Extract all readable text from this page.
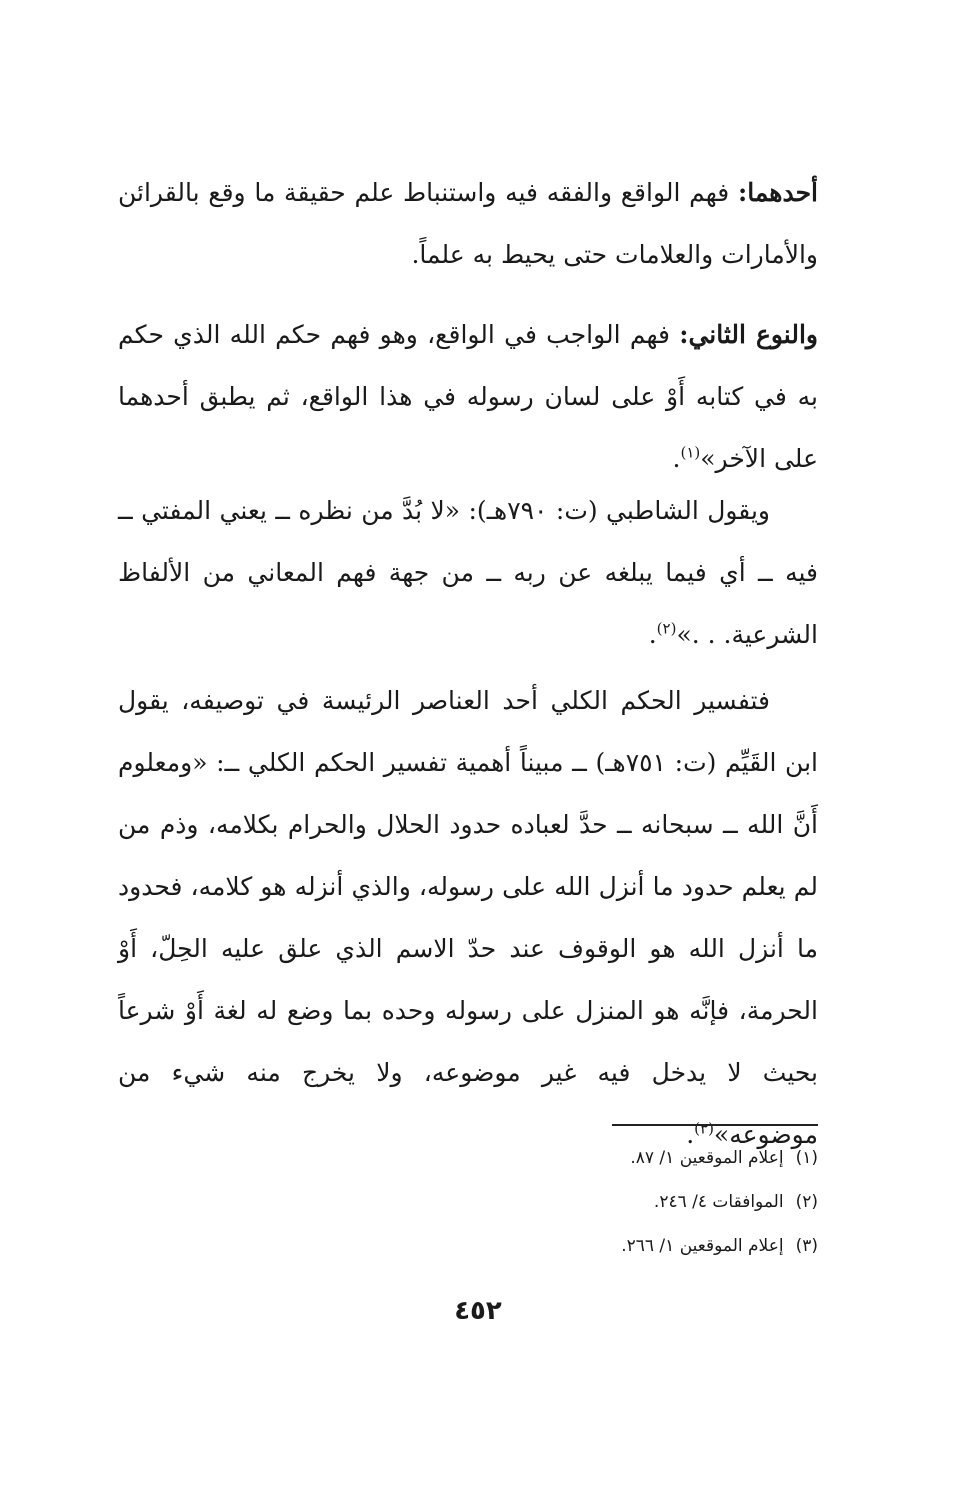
أحدهما: فهم الواقع والفقه فيه واستنباط علم حقيقة ما وقع بالقرائن والأمارات والعلامات حتى يحيط به علماً.

والنوع الثاني: فهم الواجب في الواقع، وهو فهم حكم الله الذي حكم به في كتابه أَوْ على لسان رسوله في هذا الواقع، ثم يطبق أحدهما على الآخر»$^{(١)}$.

ويقول الشاطبي (ت: ٧٩٠هـ): «لا بُدَّ من نظره ــ يعني المفتي ــ فيه ــ أي فيما يبلغه عن ربه ــ من جهة فهم المعاني من الألفاظ الشرعية. . .»$^{(٢)}$.

فتفسير الحكم الكلي أحد العناصر الرئيسة في توصيفه، يقول ابن القَيِّم (ت: ٧٥١هـ) ــ مبيناً أهمية تفسير الحكم الكلي ــ: «ومعلوم أَنَّ الله ــ سبحانه ــ حدَّ لعباده حدود الحلال والحرام بكلامه، وذم من لم يعلم حدود ما أنزل الله على رسوله، والذي أنزله هو كلامه، فحدود ما أنزل الله هو الوقوف عند حدّ الاسم الذي علق عليه الحِلّ، أَوْ الحرمة، فإنَّه هو المنزل على رسوله وحده بما وضع له لغة أَوْ شرعاً بحيث لا يدخل فيه غير موضوعه، ولا يخرج منه شيء من موضوعه»$^{(٣)}$.

(١)إعلام الموقعين ١/ ٨٧.

(٢)الموافقات ٤/ ٢٤٦.

(٣)إعلام الموقعين ١/ ٢٦٦.

٤٥٢
